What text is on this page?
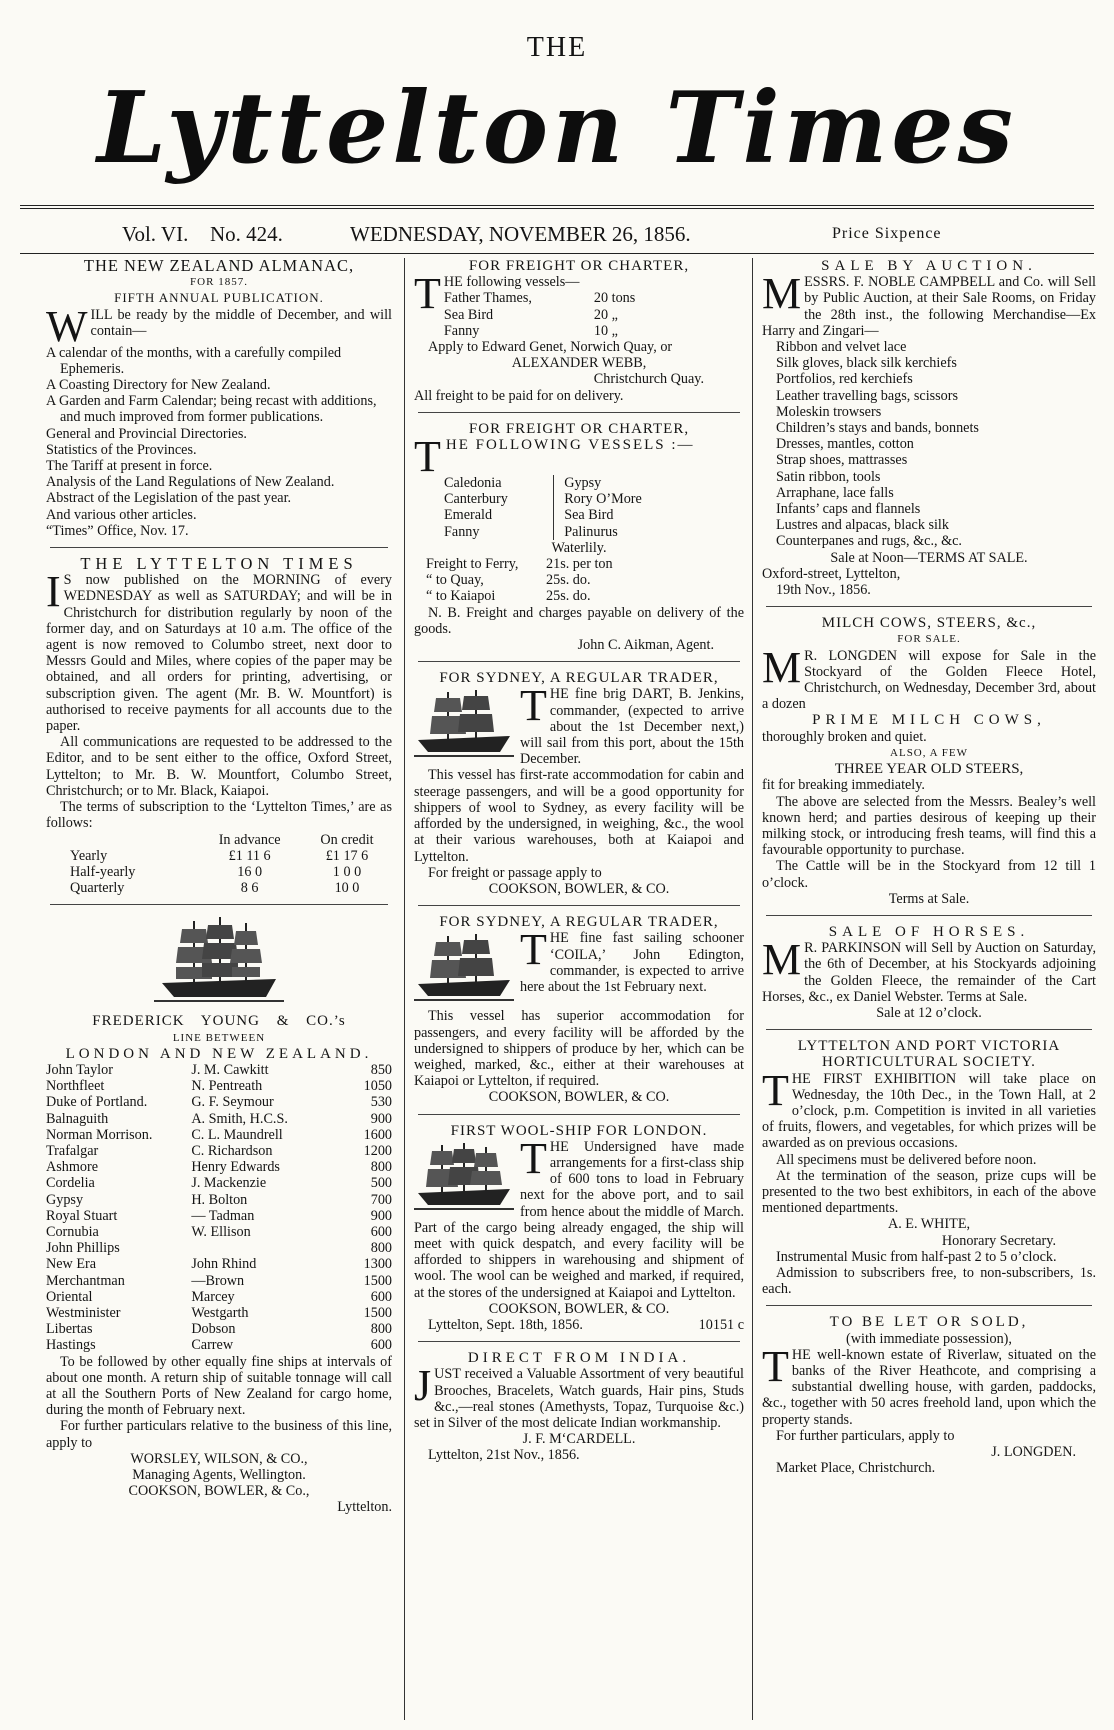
THE
Lyttelton Times
Vol. VI. No. 424.	WEDNESDAY, NOVEMBER 26, 1856.	Price Sixpence

THE NEW ZEALAND ALMANAC,

FOR 1857.

FIFTH ANNUAL PUBLICATION.

WILL be ready by the middle of December, and will contain—

A calendar of the months, with a carefully compiled Ephemeris.

A Coasting Directory for New Zealand.

A Garden and Farm Calendar; being recast with additions, and much improved from former publications.

General and Provincial Directories.

Statistics of the Provinces.

The Tariff at present in force.

Analysis of the Land Regulations of New Zealand.

Abstract of the Legislation of the past year.

And various other articles.

“Times” Office, Nov. 17.

THE LYTTELTON TIMES

I S now published on the MORNING of every WEDNESDAY as well as SATURDAY; and will be in Christchurch for distribution regularly by noon of the former day, and on Saturdays at 10 a.m. The office of the agent is now removed to Columbo street, next door to Messrs Gould and Miles, where copies of the paper may be obtained, and all orders for printing, advertising, or subscription given. The agent (Mr. B. W. Mountfort) is authorised to receive payments for all accounts due to the paper.

All communications are requested to be addressed to the Editor, and to be sent either to the office, Oxford Street, Lyttelton; to Mr. B. W. Mountfort, Columbo Street, Christchurch; or to Mr. Black, Kaiapoi.

The terms of subscription to the ‘Lyttelton Times,’ are as follows:

	In advance	On credit
Yearly	£1 11 6	£1 17 6
Half-yearly	16 0	1 0 0
Quarterly	8 6	10 0

FREDERICK YOUNG & CO.’s

LINE BETWEEN

LONDON AND NEW ZEALAND.

John Taylor	J. M. Cawkitt	850
Northfleet	N. Pentreath	1050
Duke of Portland.	G. F. Seymour	530
Balnaguith	A. Smith, H.C.S.	900
Norman Morrison.	C. L. Maundrell	1600
Trafalgar	C. Richardson	1200
Ashmore	Henry Edwards	800
Cordelia	J. Mackenzie	500
Gypsy	H. Bolton	700
Royal Stuart	— Tadman	900
Cornubia	W. Ellison	600
John Phillips		800
New Era	John Rhind	1300
Merchantman	—Brown	1500
Oriental	Marcey	600
Westminister	Westgarth	1500
Libertas	Dobson	800
Hastings	Carrew	600

To be followed by other equally fine ships at intervals of about one month. A return ship of suitable tonnage will call at all the Southern Ports of New Zealand for cargo home, during the month of February next.

For further particulars relative to the business of this line, apply to

WORSLEY, WILSON, & CO.,

Managing Agents, Wellington.

COOKSON, BOWLER, & Co.,

Lyttelton.

FOR FREIGHT OR CHARTER,

THE following vessels—

Father Thames,	20 tons
Sea Bird	20 „
Fanny	10 „

Apply to Edward Genet, Norwich Quay, or

ALEXANDER WEBB,

Christchurch Quay.

All freight to be paid for on delivery.

FOR FREIGHT OR CHARTER,

THE FOLLOWING VESSELS :—

Caledonia	Gypsy
Canterbury	Rory O’More
Emerald	Sea Bird
Fanny	Palinurus

Waterlily.

Freight to Ferry,	21s. per ton
“ to Quay,	25s. do.
“ to Kaiapoi	25s. do.

N. B. Freight and charges payable on delivery of the goods.

John C. Aikman, Agent.

FOR SYDNEY, A REGULAR TRADER,

THE fine brig DART, B. Jenkins, commander, (expected to arrive about the 1st December next,) will sail from this port, about the 15th December.

This vessel has first-rate accommodation for cabin and steerage passengers, and will be a good opportunity for shippers of wool to Sydney, as every facility will be afforded by the undersigned, in weighing, &c., the wool at their various warehouses, both at Kaiapoi and Lyttelton.

For freight or passage apply to

COOKSON, BOWLER, & CO.

FOR SYDNEY, A REGULAR TRADER,

THE fine fast sailing schooner ‘COILA,’ John Edington, commander, is expected to arrive here about the 1st February next.

This vessel has superior accommodation for passengers, and every facility will be afforded by the undersigned to shippers of produce by her, which can be weighed, marked, &c., either at their warehouses at Kaiapoi or Lyttelton, if required.

COOKSON, BOWLER, & CO.

FIRST WOOL-SHIP FOR LONDON.

THE Undersigned have made arrangements for a first-class ship of 600 tons to load in February next for the above port, and to sail from hence about the middle of March. Part of the cargo being already engaged, the ship will meet with quick despatch, and every facility will be afforded to shippers in warehousing and shipment of wool. The wool can be weighed and marked, if required, at the stores of the undersigned at Kaiapoi and Lyttelton.

COOKSON, BOWLER, & CO.

Lyttelton, Sept. 18th, 1856.	10151 c

DIRECT FROM INDIA.

JUST received a Valuable Assortment of very beautiful Brooches, Bracelets, Watch guards, Hair pins, Studs &c.,—real stones (Amethysts, Topaz, Turquoise &c.) set in Silver of the most delicate Indian workmanship.

J. F. M‘CARDELL.

Lyttelton, 21st Nov., 1856.

SALE BY AUCTION.

MESSRS. F. NOBLE CAMPBELL and Co. will Sell by Public Auction, at their Sale Rooms, on Friday the 28th inst., the following Merchandise—Ex Harry and Zingari—

Ribbon and velvet lace

Silk gloves, black silk kerchiefs

Portfolios, red kerchiefs

Leather travelling bags, scissors

Moleskin trowsers

Children’s stays and bands, bonnets

Dresses, mantles, cotton

Strap shoes, mattrasses

Satin ribbon, tools

Arraphane, lace falls

Infants’ caps and flannels

Lustres and alpacas, black silk

Counterpanes and rugs, &c., &c.

Sale at Noon—TERMS AT SALE.

Oxford-street, Lyttelton,

19th Nov., 1856.

MILCH COWS, STEERS, &c.,

FOR SALE.

M R. LONGDEN will expose for Sale in the Stockyard of the Golden Fleece Hotel, Christchurch, on Wednesday, December 3rd, about a dozen

PRIME MILCH COWS,

thoroughly broken and quiet.

ALSO, A FEW

THREE YEAR OLD STEERS,

fit for breaking immediately.

The above are selected from the Messrs. Bealey’s well known herd; and parties desirous of keeping up their milking stock, or introducing fresh teams, will find this a favourable opportunity to purchase.

The Cattle will be in the Stockyard from 12 till 1 o’clock.

Terms at Sale.

SALE OF HORSES.

M R. PARKINSON will Sell by Auction on Saturday, the 6th of December, at his Stockyards adjoining the Golden Fleece, the remainder of the Cart Horses, &c., ex Daniel Webster. Terms at Sale.

Sale at 12 o’clock.

LYTTELTON AND PORT VICTORIA

HORTICULTURAL SOCIETY.

THE FIRST EXHIBITION will take place on Wednesday, the 10th Dec., in the Town Hall, at 2 o’clock, p.m. Competition is invited in all varieties of fruits, flowers, and vegetables, for which prizes will be awarded as on previous occasions.

All specimens must be delivered before noon.

At the termination of the season, prize cups will be presented to the two best exhibitors, in each of the above mentioned departments.

A. E. WHITE,

Honorary Secretary.

Instrumental Music from half-past 2 to 5 o’clock.

Admission to subscribers free, to non-subscribers, 1s. each.

TO BE LET OR SOLD,

(with immediate possession),

THE well-known estate of Riverlaw, situated on the banks of the River Heathcote, and comprising a substantial dwelling house, with garden, paddocks, &c., together with 50 acres freehold land, upon which the property stands.

For further particulars, apply to

J. LONGDEN.

Market Place, Christchurch.
